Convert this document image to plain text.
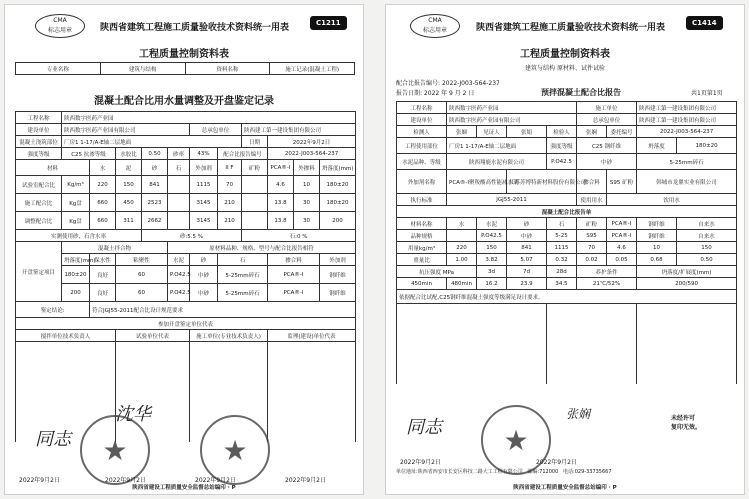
CMA
标志用章	陕西省建筑工程施工质量验收技术资料统一用表	C1211
工程质量控制资料表
专业名称	建筑与结构	资料名称	施工记录(混凝土工程)
混凝土配合比用水量调整及开盘鉴定记录
工程名称	陕西数字医药产业园										
建设单位	陕西数字医药产业园有限公司					总承包单位		陕西建工第一建设集团有限公司			
混凝土浇筑部位	厂房1 1-17/A-E轴二层地面							日期	2022年9月2日		
强度等级	C25 抗渗等级		水胶比	0.50	砂率	43%	配合比报告编号		2022-J003-564-237		
材料		水	泥	砂	石	外加剂	II F	矿粉	PCA®-I	外掺料	坍落度(mm)
试验室配合比	Kg/m³	220	150	841		1115	70		4.6	10	180±20
施工配合比	Kg盘	660	450	2523		3145	210		13.8	30	180±20
调整配合比	Kg盘	660	311	2662		3145	210		13.8	30	200
实测使用砂、石含水率				砂:5.5 %				石:0 %			
开盘鉴定项目	混凝土拌合物				原材料品种、规格、型号与配合比报告相符						
	坍落度(mm)	保水性	粘聚性		水泥	砂	石		掺合料		外加剂
	180±20	良好	60		P.O42.5	中砂	5-25mm碎石		PCA®-I		钢纤维
	200	良好	60		P.O42.5	中砂	5-25mm碎石		PCA®-I		钢纤维
鉴定结论:		符合JGJ55-2011配合比设计规范要求									
参加开盘鉴定单位代表											
搅拌单位技术负责人			试验单位代表			施工单位(专业技术负责人)			监理(建设)单位代表		

同志
沈华
★	★
2022年9月2日	2022年9月2日	2022年9月2日	2022年9月2日
陕西省建设工程质量安全监督总站编印 · P
CMA
标志用章	陕西省建筑工程施工质量验收技术资料统一用表	C1414
工程质量控制资料表
建筑与结构 原材料、试件试验
配合比报告编号: 2022-J003-564-237
报告日期: 2022 年 9 月 2 日	预拌混凝土配合比报告	共1页第1页
工程名称	陕西数字医药产业园				施工单位		陕西建工第一建设集团有限公司	
建设单位	陕西数字医药产业园有限公司				总承包单位		陕西建工第一建设集团有限公司	
检测人	张姻	见证人	张娟	检验人	张娴	委托编号	2022-J003-564-237	
工程使用部位	厂房1 1-17/A-E轴二层地面			强度等级	C25 钢纤维		坍落度	180±20
水泥品种、等级	陕西翔鹿水泥有限公司			P.O42.5	中砂		5-25mm碎石	
外加剂名称	PCA®-I聚羧酸高性能减水剂		江苏苏博特新材料股份有限公司		掺合料	S95 矿粉	韩城市龙鼎实业有限公司	
执行标准	JGJ55-2011				使用用水	饮用水		
混凝土配合比报告单								
材料名称	水	水泥	砂	石	矿粉	PCA®-I	钢纤维	自来水
品种规格		P.O42.5	中砂	5-25	S95	PCA®-I	钢纤维	自来水
用量kg/m³	220	150	841	1115	70	4.6	10	150
重量比	1.00	3.82	5.07	0.32	0.02	0.05	0.68	0.50
抗压强度 MPa		3d	7d	28d	养护条件		坍落度/扩展度(mm)	
450min	480min	16.2	23.9	34.5	21℃/52%		200/590	
依据配合比试配,C25钢纤维混凝土强度等级满足设计要求。								

同志
张娴
★
未经许可
复印无效。
2022年9月2日	2022年9月2日
单位地址:陕西省西安市长安区科技二路大工工程有限公司 邮编:712000 电话:029-33735667
陕西省建设工程质量安全监督总站编印 · P
